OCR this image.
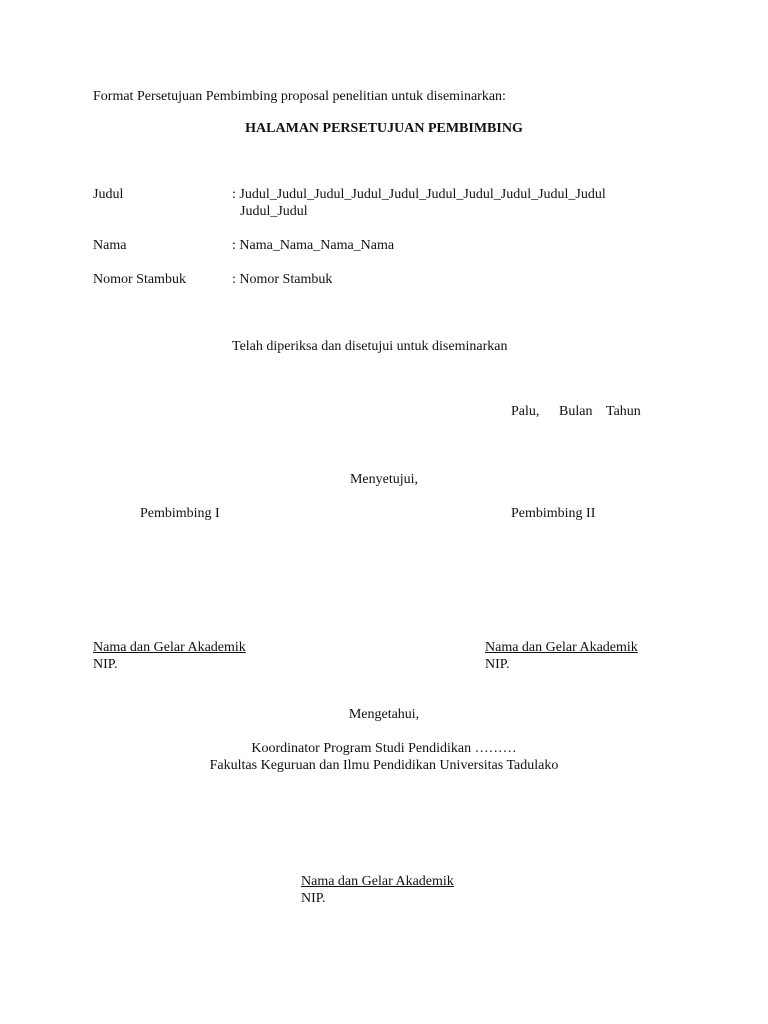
Format Persetujuan Pembimbing proposal penelitian untuk diseminarkan:
HALAMAN PERSETUJUAN PEMBIMBING
Judul	: Judul_Judul_Judul_Judul_Judul_Judul_Judul_Judul_Judul_Judul
Judul_Judul
Nama	: Nama_Nama_Nama_Nama
Nomor Stambuk	: Nomor Stambuk
Telah diperiksa dan disetujui untuk diseminarkan
Palu, Bulan Tahun
Menyetujui,
Pembimbing I	Pembimbing II
Nama dan Gelar Akademik
NIP.
Nama dan Gelar Akademik
NIP.
Mengetahui,
Koordinator Program Studi Pendidikan ………
Fakultas Keguruan dan Ilmu Pendidikan Universitas Tadulako
Nama dan Gelar Akademik
NIP.
